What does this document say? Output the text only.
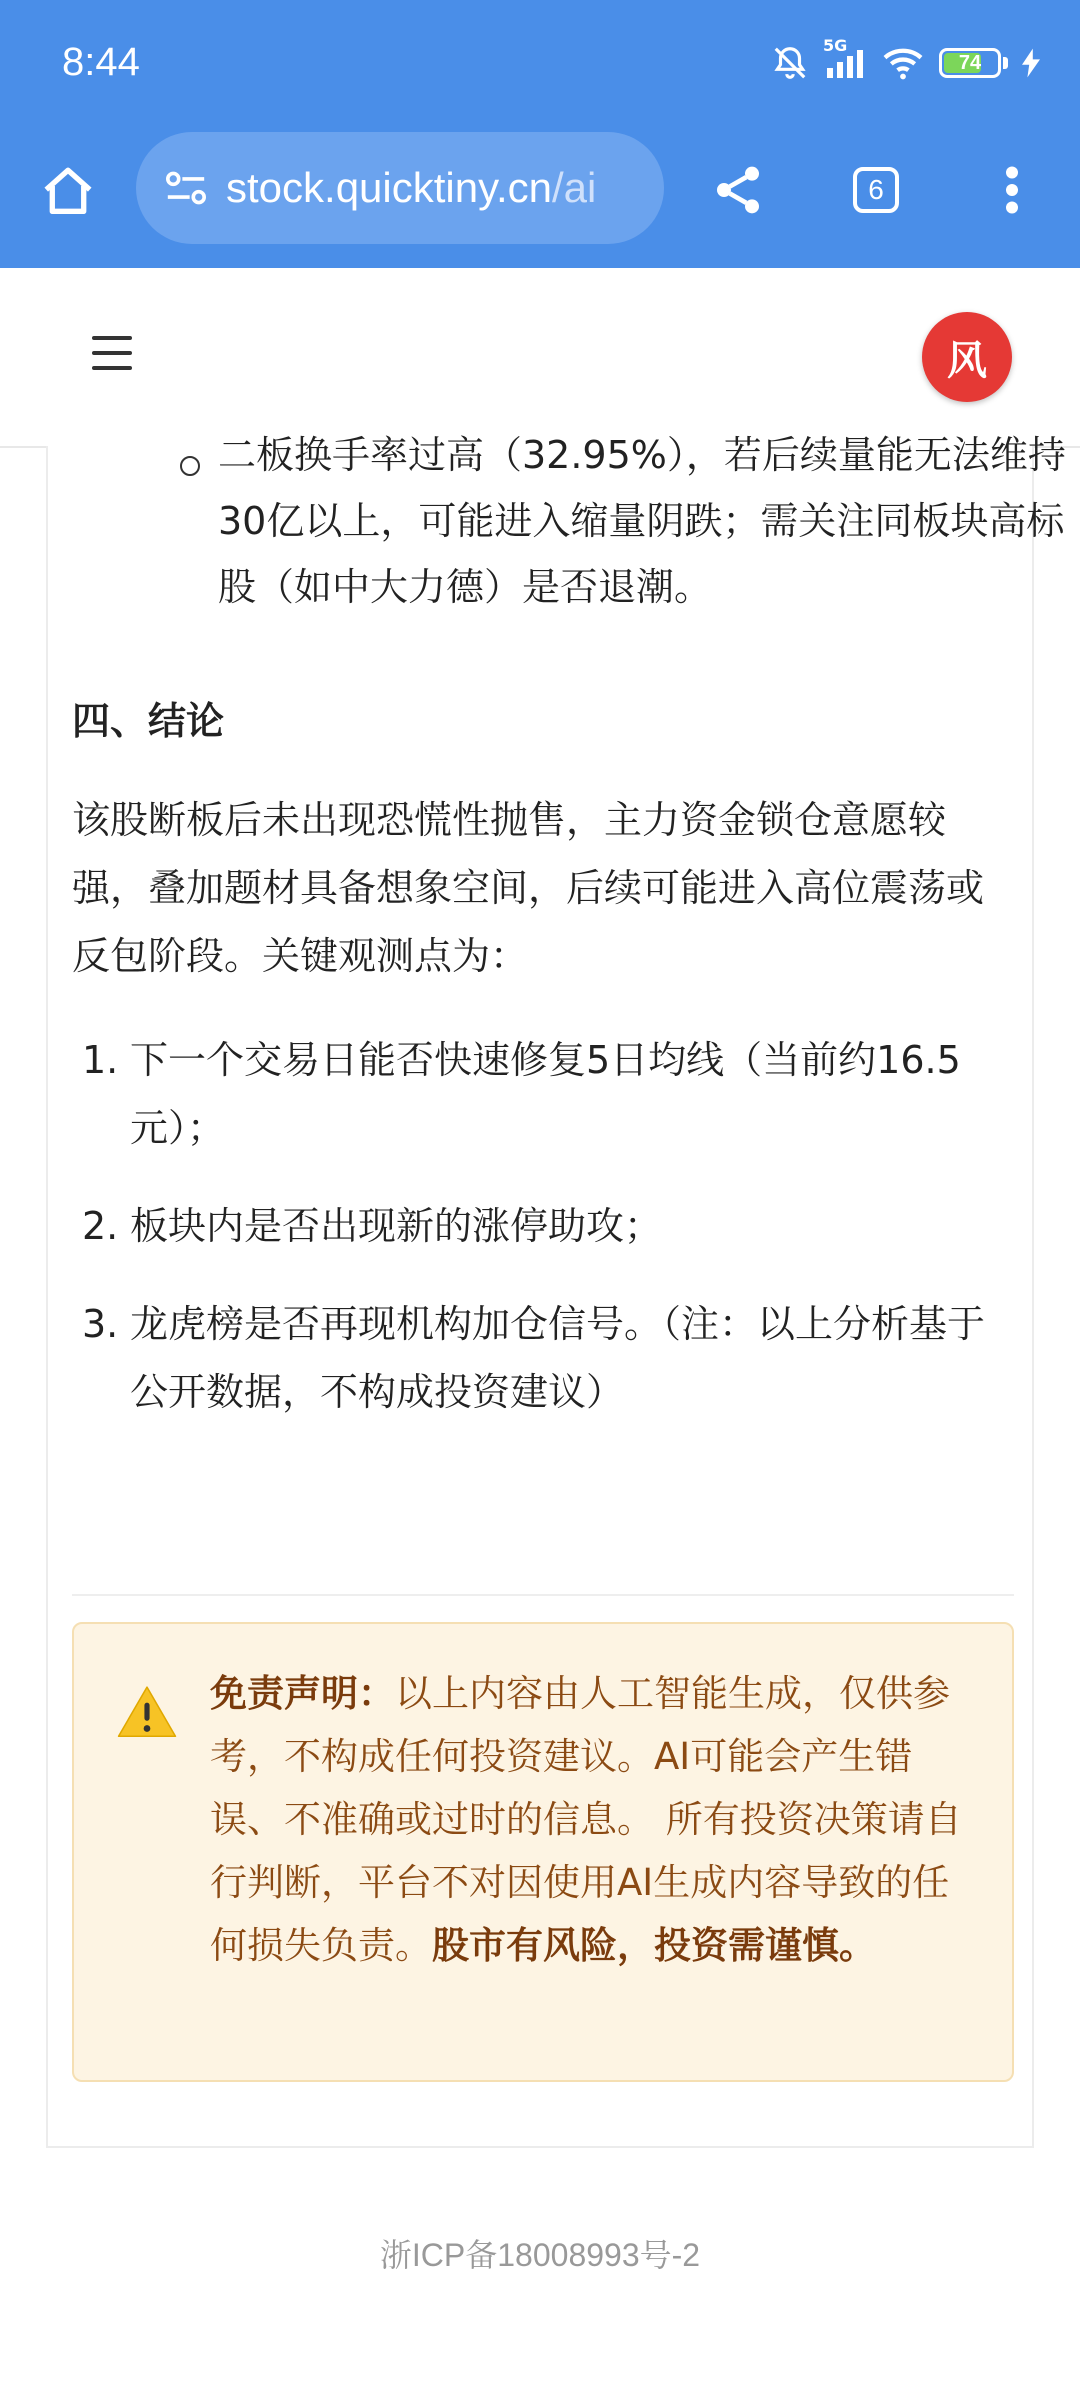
8:44	5G
74
stock.quicktiny.cn/ai	6
风
二板换手率过高（32.95%），若后续量能无法维持30亿以上，可能进入缩量阴跌；需关注同板块高标股（如中大力德）是否退潮。
四、结论
该股断板后未出现恐慌性抛售，主力资金锁仓意愿较强，叠加题材具备想象空间，后续可能进入高位震荡或反包阶段。关键观测点为：
1. 下一个交易日能否快速修复5日均线（当前约16.5元）；
2. 板块内是否出现新的涨停助攻；
3. 龙虎榜是否再现机构加仓信号。（注：以上分析基于公开数据，不构成投资建议）
免责声明：以上内容由人工智能生成，仅供参考，不构成任何投资建议。AI可能会产生错误、不准确或过时的信息。 所有投资决策请自行判断，平台不对因使用AI生成内容导致的任何损失负责。股市有风险，投资需谨慎。
浙ICP备18008993号-2
